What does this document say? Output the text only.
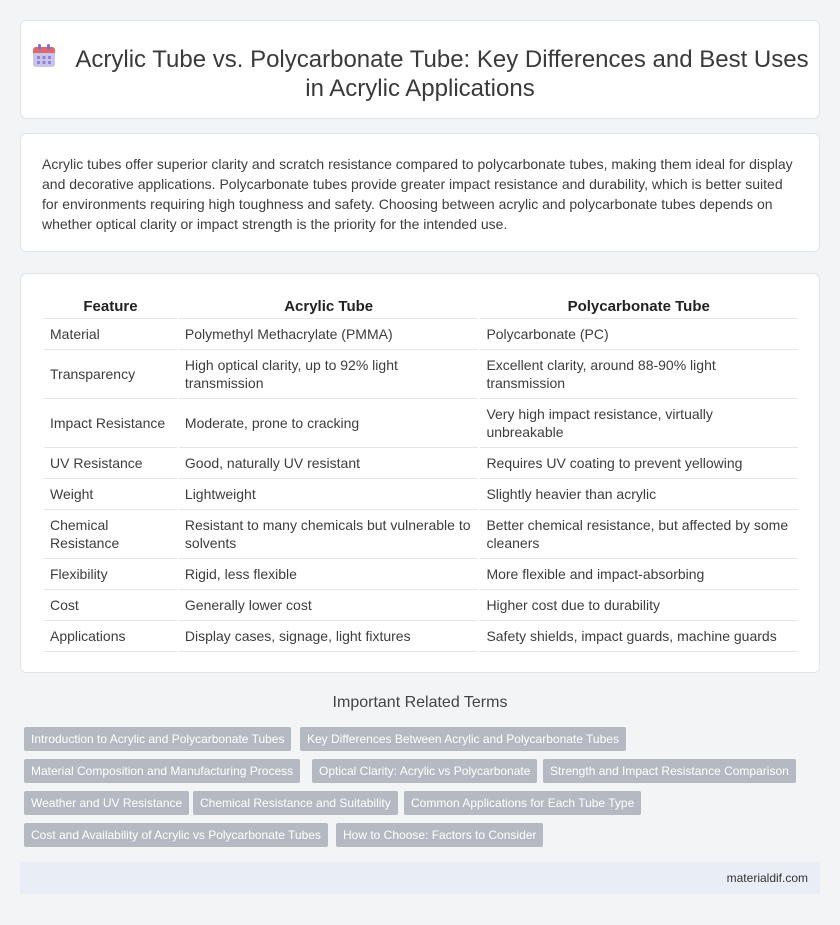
Acrylic Tube vs. Polycarbonate Tube: Key Differences and Best Uses in Acrylic Applications

Acrylic tubes offer superior clarity and scratch resistance compared to polycarbonate tubes, making them ideal for display and decorative applications. Polycarbonate tubes provide greater impact resistance and durability, which is better suited for environments requiring high toughness and safety. Choosing between acrylic and polycarbonate tubes depends on whether optical clarity or impact strength is the priority for the intended use.

Feature	Acrylic Tube	Polycarbonate Tube
Material	Polymethyl Methacrylate (PMMA)	Polycarbonate (PC)
Transparency	High optical clarity, up to 92% light transmission	Excellent clarity, around 88-90% light transmission
Impact Resistance	Moderate, prone to cracking	Very high impact resistance, virtually unbreakable
UV Resistance	Good, naturally UV resistant	Requires UV coating to prevent yellowing
Weight	Lightweight	Slightly heavier than acrylic
Chemical Resistance	Resistant to many chemicals but vulnerable to solvents	Better chemical resistance, but affected by some cleaners
Flexibility	Rigid, less flexible	More flexible and impact-absorbing
Cost	Generally lower cost	Higher cost due to durability
Applications	Display cases, signage, light fixtures	Safety shields, impact guards, machine guards
Important Related Terms
Introduction to Acrylic and Polycarbonate Tubes	Key Differences Between Acrylic and Polycarbonate Tubes
Material Composition and Manufacturing Process	Optical Clarity: Acrylic vs Polycarbonate	Strength and Impact Resistance Comparison
Weather and UV Resistance	Chemical Resistance and Suitability	Common Applications for Each Tube Type
Cost and Availability of Acrylic vs Polycarbonate Tubes	How to Choose: Factors to Consider
materialdif.com
